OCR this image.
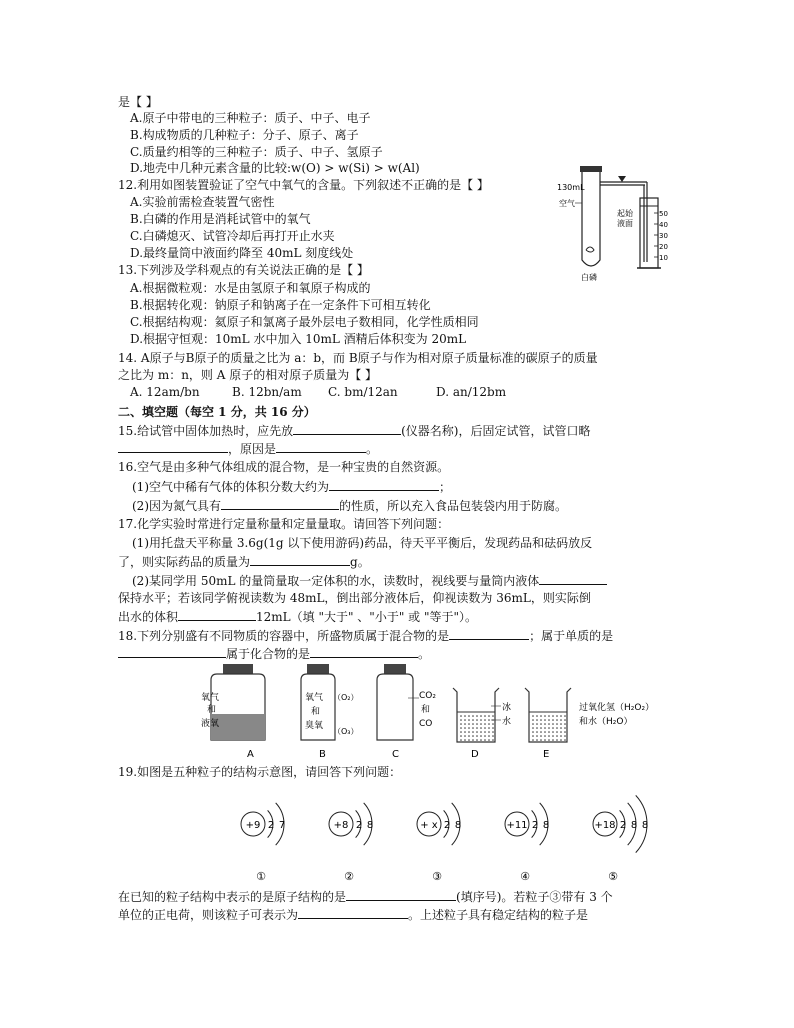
是【 】
A.原子中带电的三种粒子：质子、中子、电子
B.构成物质的几种粒子：分子、原子、离子
C.质量约相等的三种粒子：质子、中子、氢原子
D.地壳中几种元素含量的比较:w(O) > w(Si) > w(Al)
12.利用如图装置验证了空气中氧气的含量。下列叙述不正确的是【 】
A.实验前需检查装置气密性
B.白磷的作用是消耗试管中的氧气
C.白磷熄灭、试管冷却后再打开止水夹
D.最终量筒中液面约降至 40mL 刻度线处
130mL
空气
起始
液面
50
40
30
20
10
白磷
13.下列涉及学科观点的有关说法正确的是【 】
A.根据微粒观：水是由氢原子和氧原子构成的
B.根据转化观：钠原子和钠离子在一定条件下可相互转化
C.根据结构观：氦原子和氯离子最外层电子数相同，化学性质相同
D.根据守恒观：10mL 水中加入 10mL 酒精后体积变为 20mL
14. A原子与B原子的质量之比为 a：b，而 B原子与作为相对原子质量标准的碳原子的质量
之比为 m：n，则 A 原子的相对原子质量为【 】
A. 12am/bn	B. 12bn/am C. bm/12an	D. an/12bm
二、填空题（每空 1 分，共 16 分）
15.给试管中固体加热时，应先放	(仪器名称)，后固定试管，试管口略
，原因是	。
16.空气是由多种气体组成的混合物，是一种宝贵的自然资源。
(1)空气中稀有气体的体积分数大约为	；
(2)因为氮气具有	的性质，所以充入食品包装袋内用于防腐。
17.化学实验时常进行定量称量和定量量取。请回答下列问题：
(1)用托盘天平称量 3.6g(1g 以下使用游码)药品，待天平平衡后，发现药品和砝码放反
了，则实际药品的质量为	g。
(2)某同学用 50mL 的量筒量取一定体积的水，读数时，视线要与量筒内液体
保持水平；若该同学俯视读数为 48mL，倒出部分液体后，仰视读数为 36mL，则实际倒
出水的体积	12mL（填 "大于" 、"小于" 或 "等于"）。
18.下列分别盛有不同物质的容器中，所盛物质属于混合物的是	；属于单质的是
属于化合物的是	。
氧气
和
液氧
A
氧气
和
臭氧
（O₂）
（O₃）
B
CO₂
和
CO
C
冰
水
D
过氧化氢（H₂O₂）
和水（H₂O）
E
19.如图是五种粒子的结构示意图，请回答下列问题：
+9 2 7
①
+8 2 8
②
+ x 2 8
③
+11 2 8
④
+18 2 8 8
⑤
在已知的粒子结构中表示的是原子结构的是	(填序号)。若粒子③带有 3 个
单位的正电荷，则该粒子可表示为	。上述粒子具有稳定结构的粒子是
